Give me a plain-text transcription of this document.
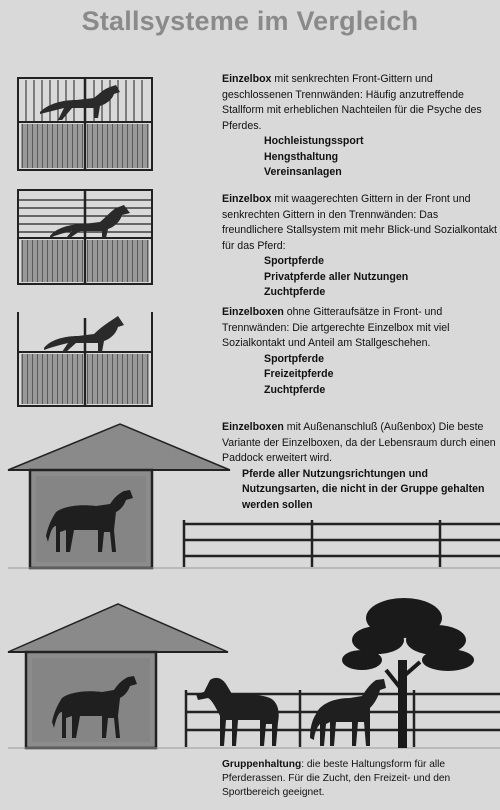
Stallsysteme im Vergleich
Einzelbox mit senkrechten Front-Gittern und geschlossenen Trennwänden: Häufig anzutreffende Stallform mit erheblichen Nachteilen für die Psyche des Pferdes.
Hochleistungssport
Hengsthaltung
Vereinsanlagen
Einzelbox mit waagerechten Gittern in der Front und senkrechten Gittern in den Trennwänden: Das freundlichere Stallsystem mit mehr Blick-und Sozialkontakt für das Pferd:
Sportpferde
Privatpferde aller Nutzungen
Zuchtpferde
Einzelboxen ohne Gitteraufsätze in Front- und Trennwänden: Die artgerechte Einzelbox mit viel Sozialkontakt und Anteil am Stallgeschehen.
Sportpferde
Freizeitpferde
Zuchtpferde
Einzelboxen mit Außenanschluß (Außenbox) Die beste Variante der Einzelboxen, da der Lebensraum durch einen Paddock erweitert wird.
Pferde aller Nutzungsrichtungen und Nutzungsarten, die nicht in der Gruppe gehalten werden sollen
Gruppenhaltung: die beste Haltungsform für alle Pferderassen. Für die Zucht, den Freizeit- und den Sportbereich geeignet.
